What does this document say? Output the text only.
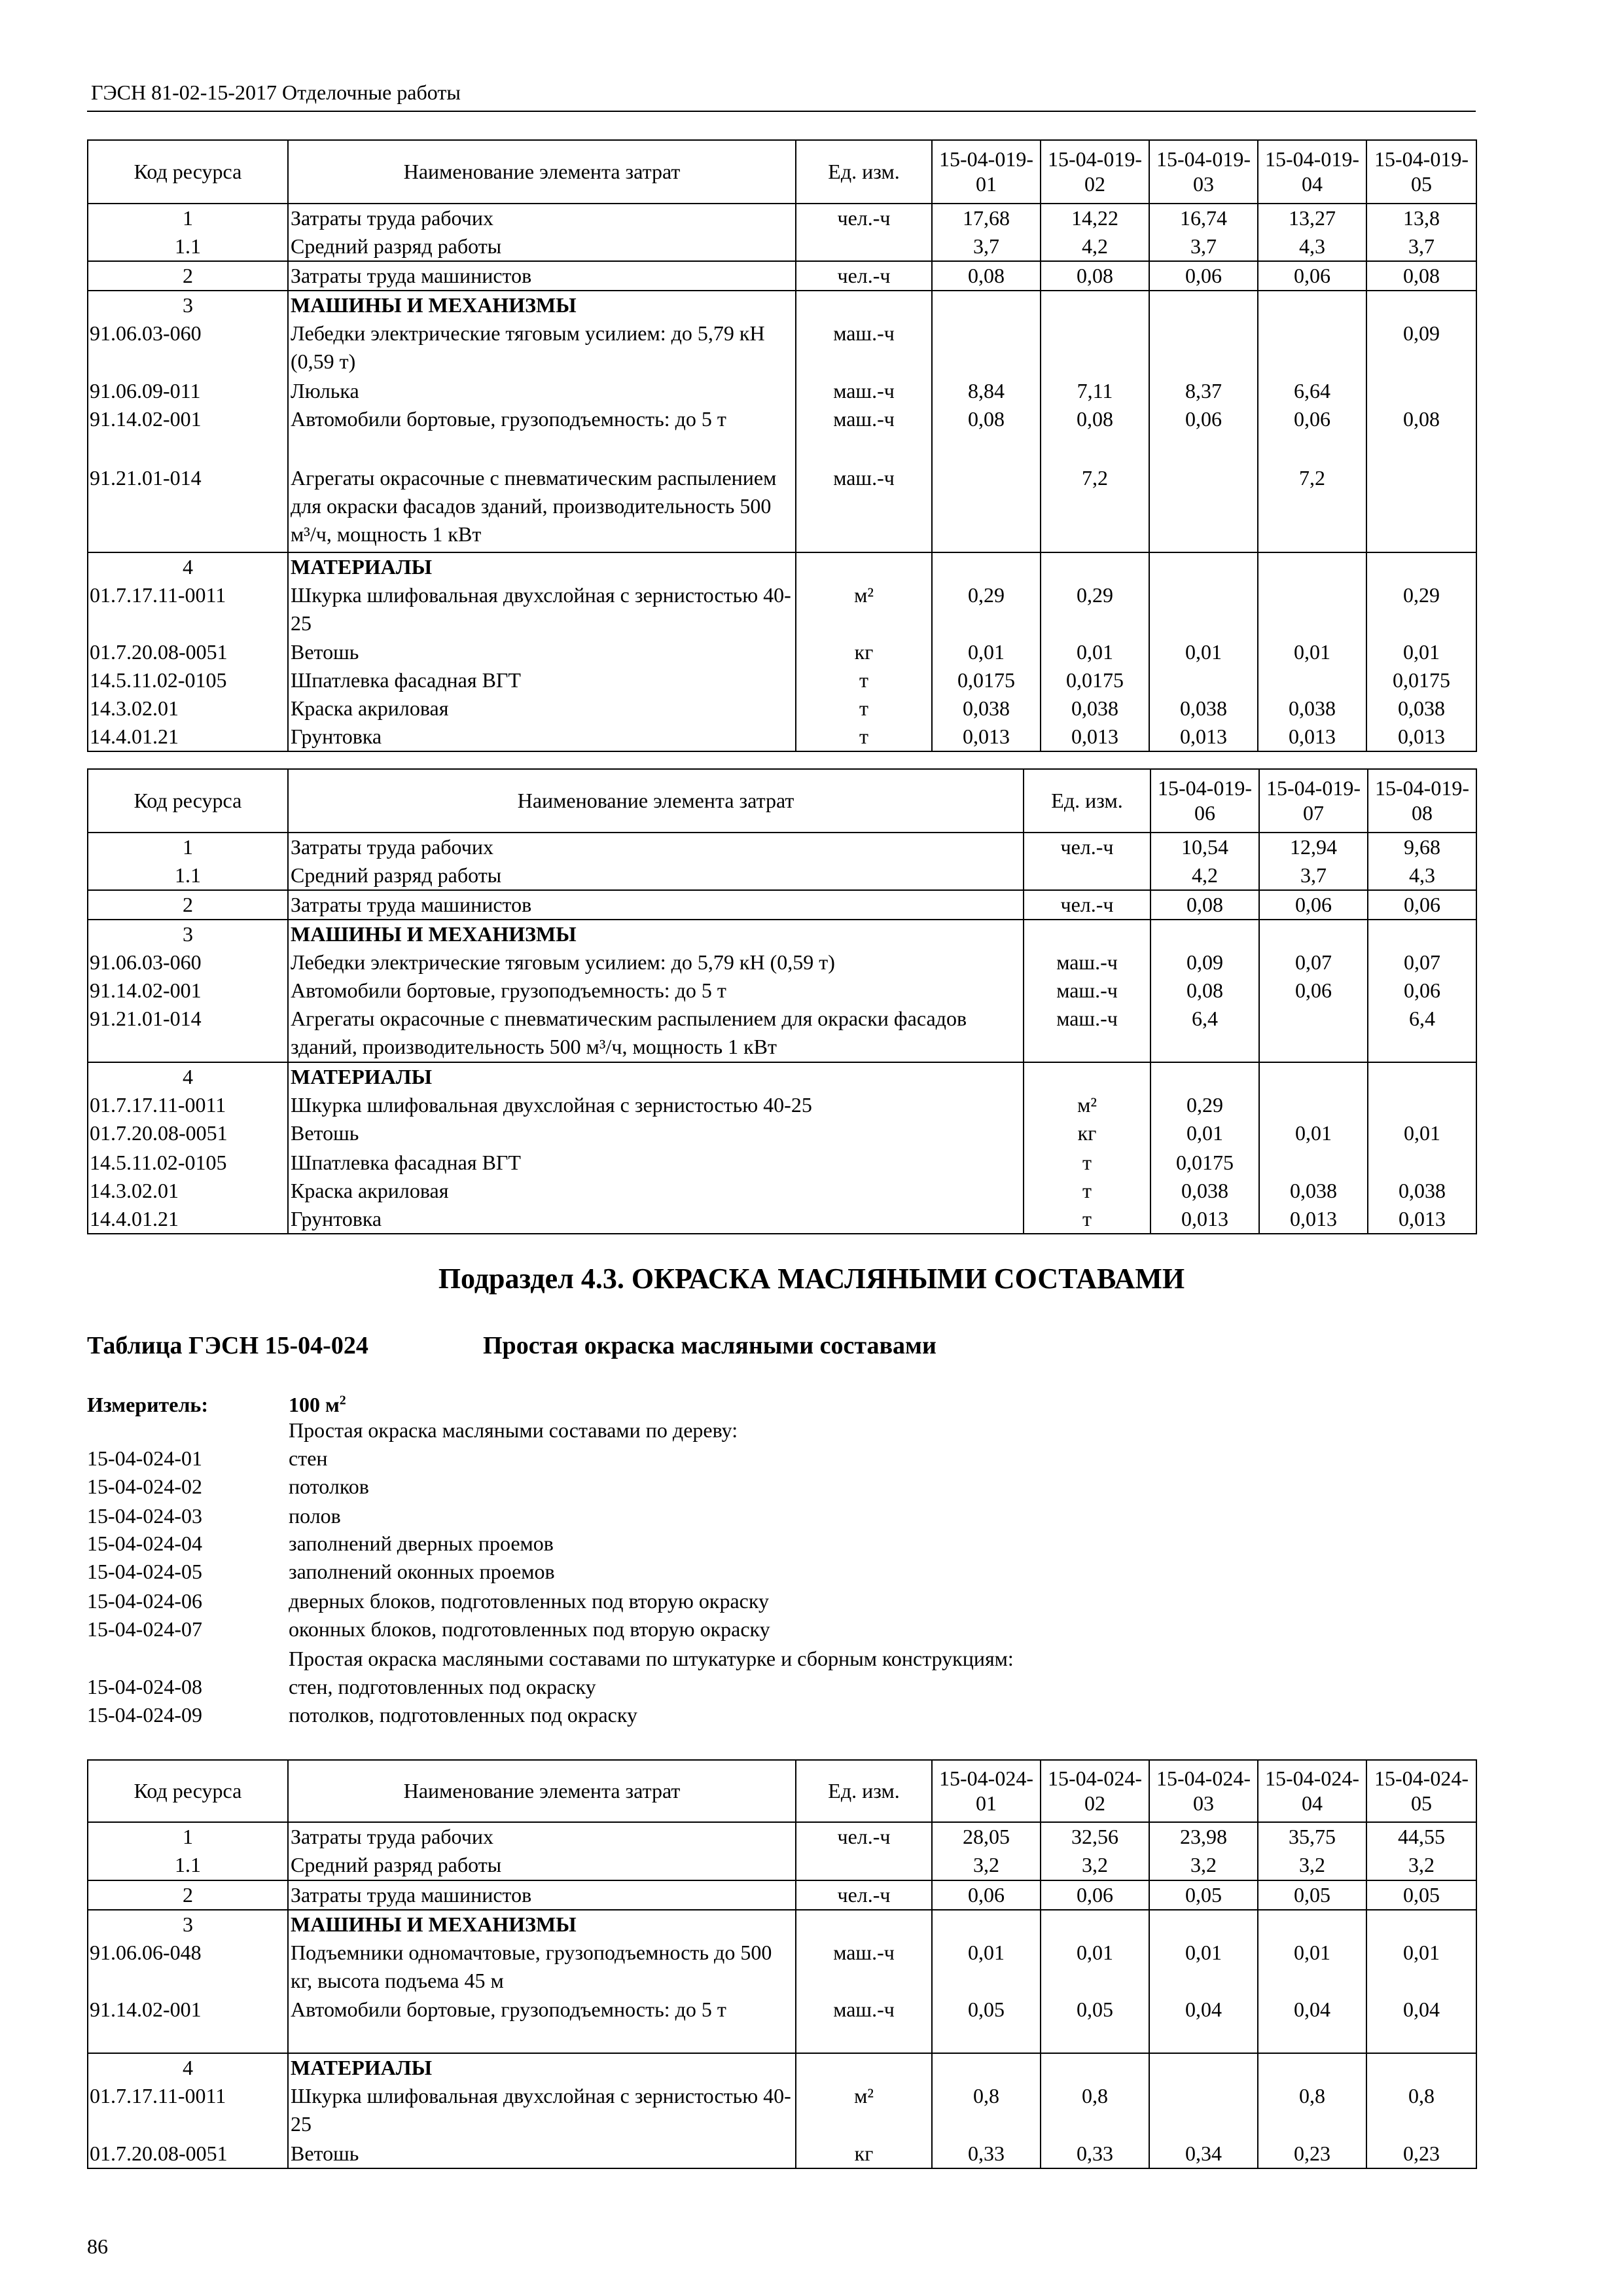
ГЭСН 81-02-15-2017 Отделочные работы
Код ресурса	Наименование элемента затрат	Ед. изм.	15-04-019-01	15-04-019-02	15-04-019-03	15-04-019-04	15-04-019-05
1	Затраты труда рабочих	чел.-ч	17,68	14,22	16,74	13,27	13,8
1.1	Средний разряд работы		3,7	4,2	3,7	4,3	3,7
2	Затраты труда машинистов	чел.-ч	0,08	0,08	0,06	0,06	0,08
3	МАШИНЫ И МЕХАНИЗМЫ						
91.06.03-060	Лебедки электрические тяговым усилием: до 5,79 кН (0,59 т)	маш.-ч					0,09
91.06.09-011	Люлька	маш.-ч	8,84	7,11	8,37	6,64	
91.14.02-001	Автомобили бортовые, грузоподъемность: до 5 т	маш.-ч	0,08	0,08	0,06	0,06	0,08
91.21.01-014	Агрегаты окрасочные с пневматическим распылением для окраски фасадов зданий, производительность 500 м³/ч, мощность 1 кВт	маш.-ч		7,2		7,2	
4	МАТЕРИАЛЫ						
01.7.17.11-0011	Шкурка шлифовальная двухслойная с зернистостью 40-25	м²	0,29	0,29			0,29
01.7.20.08-0051	Ветошь	кг	0,01	0,01	0,01	0,01	0,01
14.5.11.02-0105	Шпатлевка фасадная ВГТ	т	0,0175	0,0175			0,0175
14.3.02.01	Краска акриловая	т	0,038	0,038	0,038	0,038	0,038
14.4.01.21	Грунтовка	т	0,013	0,013	0,013	0,013	0,013
Код ресурса	Наименование элемента затрат	Ед. изм.	15-04-019-06	15-04-019-07	15-04-019-08
1	Затраты труда рабочих	чел.-ч	10,54	12,94	9,68
1.1	Средний разряд работы		4,2	3,7	4,3
2	Затраты труда машинистов	чел.-ч	0,08	0,06	0,06
3	МАШИНЫ И МЕХАНИЗМЫ				
91.06.03-060	Лебедки электрические тяговым усилием: до 5,79 кН (0,59 т)	маш.-ч	0,09	0,07	0,07
91.14.02-001	Автомобили бортовые, грузоподъемность: до 5 т	маш.-ч	0,08	0,06	0,06
91.21.01-014	Агрегаты окрасочные с пневматическим распылением для окраски фасадов зданий, производительность 500 м³/ч, мощность 1 кВт	маш.-ч	6,4		6,4
4	МАТЕРИАЛЫ				
01.7.17.11-0011	Шкурка шлифовальная двухслойная с зернистостью 40-25	м²	0,29		
01.7.20.08-0051	Ветошь	кг	0,01	0,01	0,01
14.5.11.02-0105	Шпатлевка фасадная ВГТ	т	0,0175		
14.3.02.01	Краска акриловая	т	0,038	0,038	0,038
14.4.01.21	Грунтовка	т	0,013	0,013	0,013
Подраздел 4.3. ОКРАСКА МАСЛЯНЫМИ СОСТАВАМИ
Таблица ГЭСН 15-04-024	Простая окраска масляными составами
Измеритель:	100 $м^2$
Простая окраска масляными составами по дереву:
15-04-024-01	стен
15-04-024-02	потолков
15-04-024-03	полов
15-04-024-04	заполнений дверных проемов
15-04-024-05	заполнений оконных проемов
15-04-024-06	дверных блоков, подготовленных под вторую окраску
15-04-024-07	оконных блоков, подготовленных под вторую окраску
Простая окраска масляными составами по штукатурке и сборным конструкциям:
15-04-024-08	стен, подготовленных под окраску
15-04-024-09	потолков, подготовленных под окраску
Код ресурса	Наименование элемента затрат	Ед. изм.	15-04-024-01	15-04-024-02	15-04-024-03	15-04-024-04	15-04-024-05
1	Затраты труда рабочих	чел.-ч	28,05	32,56	23,98	35,75	44,55
1.1	Средний разряд работы		3,2	3,2	3,2	3,2	3,2
2	Затраты труда машинистов	чел.-ч	0,06	0,06	0,05	0,05	0,05
3	МАШИНЫ И МЕХАНИЗМЫ						
91.06.06-048	Подъемники одномачтовые, грузоподъемность до 500 кг, высота подъема 45 м	маш.-ч	0,01	0,01	0,01	0,01	0,01
91.14.02-001	Автомобили бортовые, грузоподъемность: до 5 т	маш.-ч	0,05	0,05	0,04	0,04	0,04
4	МАТЕРИАЛЫ						
01.7.17.11-0011	Шкурка шлифовальная двухслойная с зернистостью 40-25	м²	0,8	0,8		0,8	0,8
01.7.20.08-0051	Ветошь	кг	0,33	0,33	0,34	0,23	0,23
86
